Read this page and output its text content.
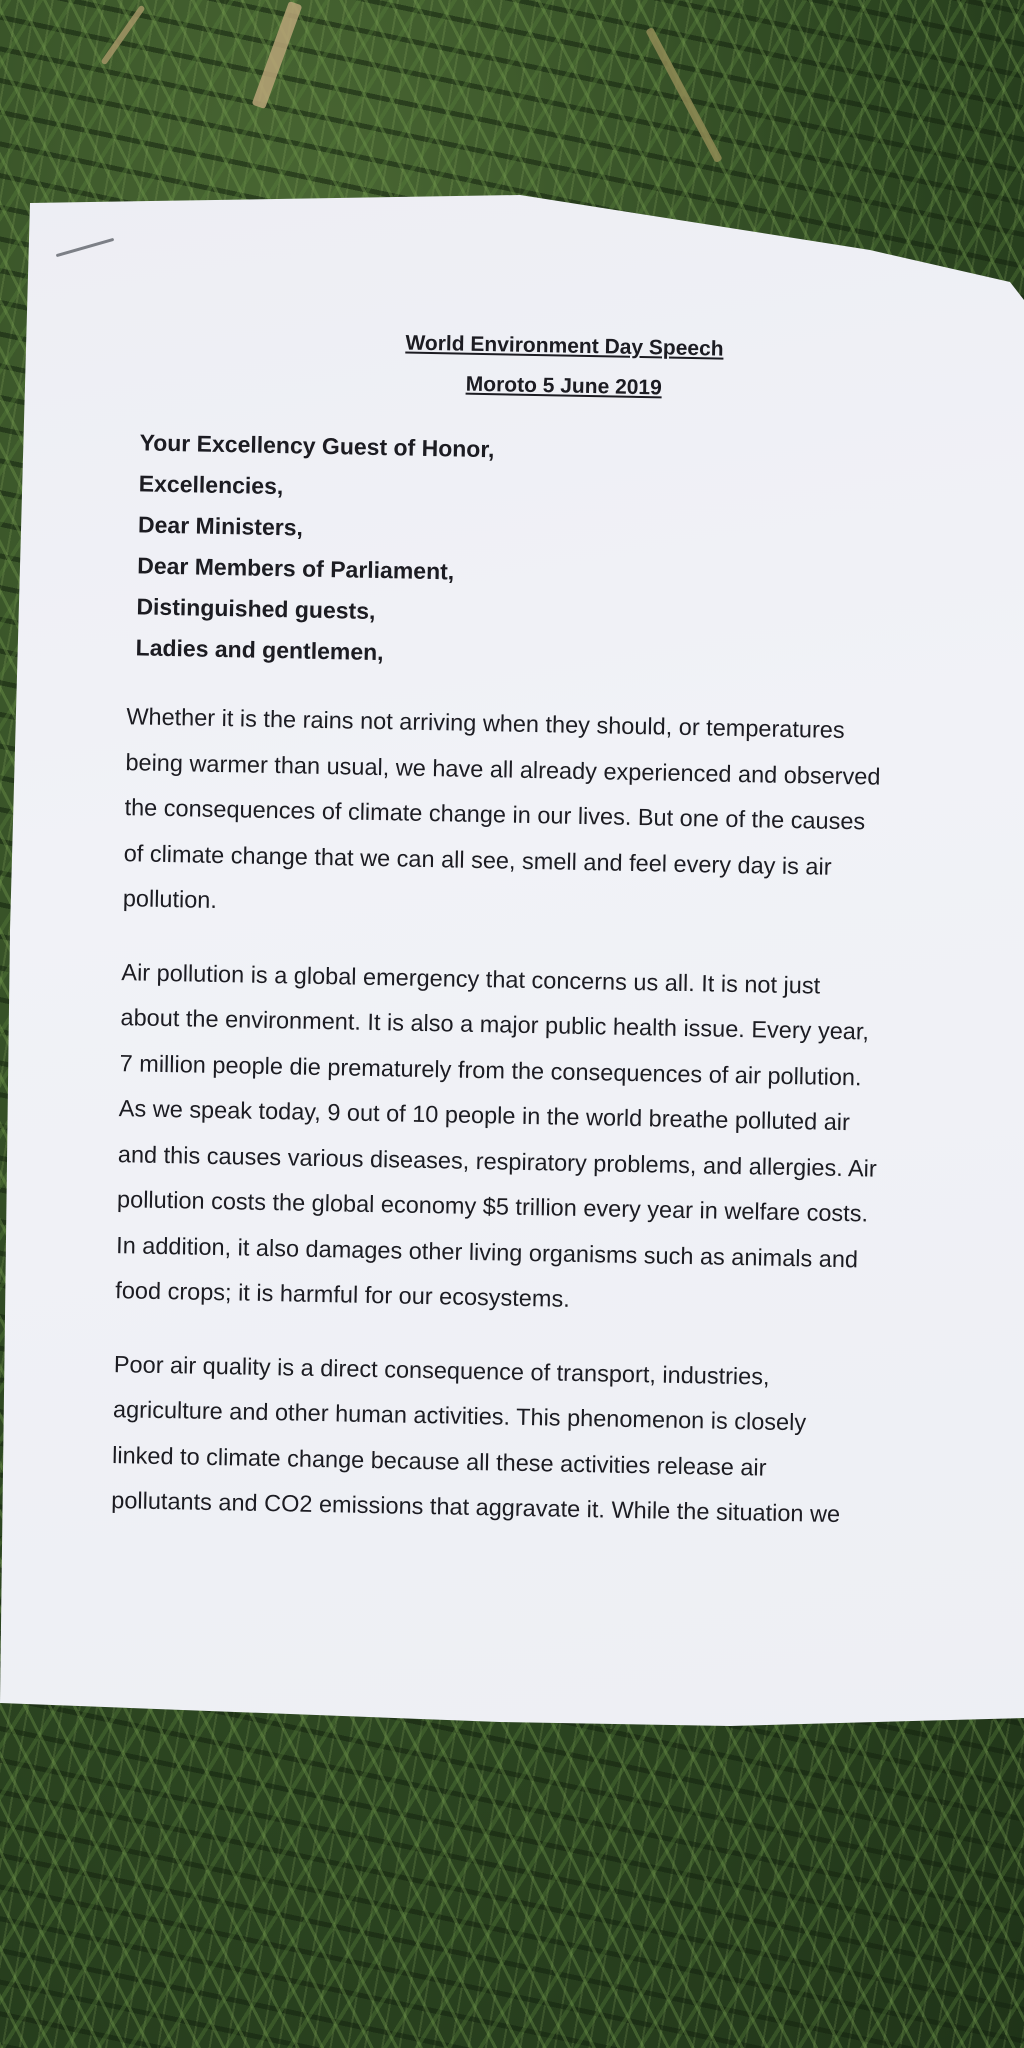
World Environment Day Speech
Moroto 5 June 2019
Your Excellency Guest of Honor,
Excellencies,
Dear Ministers,
Dear Members of Parliament,
Distinguished guests,
Ladies and gentlemen,
Whether it is the rains not arriving when they should, or temperatures
being warmer than usual, we have all already experienced and observed
the consequences of climate change in our lives. But one of the causes
of climate change that we can all see, smell and feel every day is air
pollution.
Air pollution is a global emergency that concerns us all. It is not just
about the environment. It is also a major public health issue. Every year,
7 million people die prematurely from the consequences of air pollution.
As we speak today, 9 out of 10 people in the world breathe polluted air
and this causes various diseases, respiratory problems, and allergies. Air
pollution costs the global economy $5 trillion every year in welfare costs.
In addition, it also damages other living organisms such as animals and
food crops; it is harmful for our ecosystems.
Poor air quality is a direct consequence of transport, industries,
agriculture and other human activities. This phenomenon is closely
linked to climate change because all these activities release air
pollutants and CO2 emissions that aggravate it. While the situation we
